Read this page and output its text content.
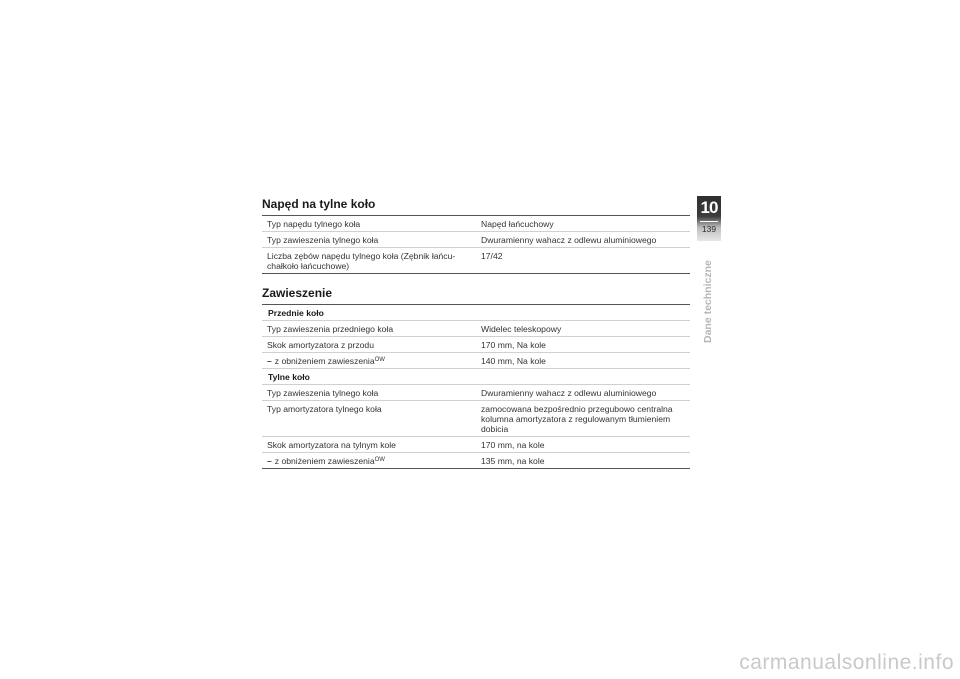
Napęd na tylne koło
Typ napędu tylnego koła	Napęd łańcuchowy
Typ zawieszenia tylnego koła	Dwuramienny wahacz z odlewu aluminiowego
Liczba zębów napędu tylnego koła (Zębnik łańcu-chałkoło łańcuchowe)	17/42
Zawieszenie
Przednie koło	
Typ zawieszenia przedniego koła	Widelec teleskopowy
Skok amortyzatora z przodu	170 mm, Na kole
– z obniżeniem zawieszenia$^{OW}$	140 mm, Na kole
Tylne koło	
Typ zawieszenia tylnego koła	Dwuramienny wahacz z odlewu aluminiowego
Typ amortyzatora tylnego koła	zamocowana bezpośrednio przegubowo centralna kolumna amortyzatora z regulowanym tłumieniem dobicia
Skok amortyzatora na tylnym kole	170 mm, na kole
– z obniżeniem zawieszenia$^{OW}$	135 mm, na kole
10
139
Dane techniczne
carmanualsonline.info
